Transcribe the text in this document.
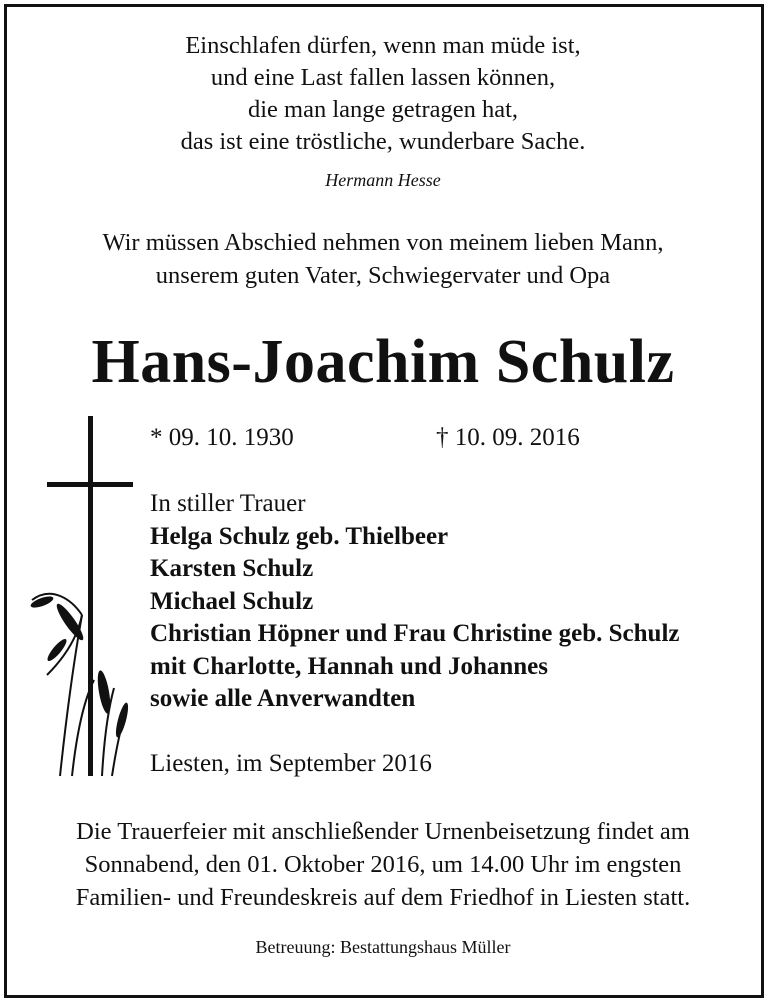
Einschlafen dürfen, wenn man müde ist,
und eine Last fallen lassen können,
die man lange getragen hat,
das ist eine tröstliche, wunderbare Sache.
Hermann Hesse
Wir müssen Abschied nehmen von meinem lieben Mann,
unserem guten Vater, Schwiegervater und Opa
Hans-Joachim Schulz
* 09. 10. 1930	† 10. 09. 2016
In stiller Trauer
Helga Schulz geb. Thielbeer
Karsten Schulz
Michael Schulz
Christian Höpner und Frau Christine geb. Schulz
mit Charlotte, Hannah und Johannes
sowie alle Anverwandten
Liesten, im September 2016
Die Trauerfeier mit anschließender Urnenbeisetzung findet am
Sonnabend, den 01. Oktober 2016, um 14.00 Uhr im engsten
Familien- und Freundeskreis auf dem Friedhof in Liesten statt.
Betreuung: Bestattungshaus Müller
